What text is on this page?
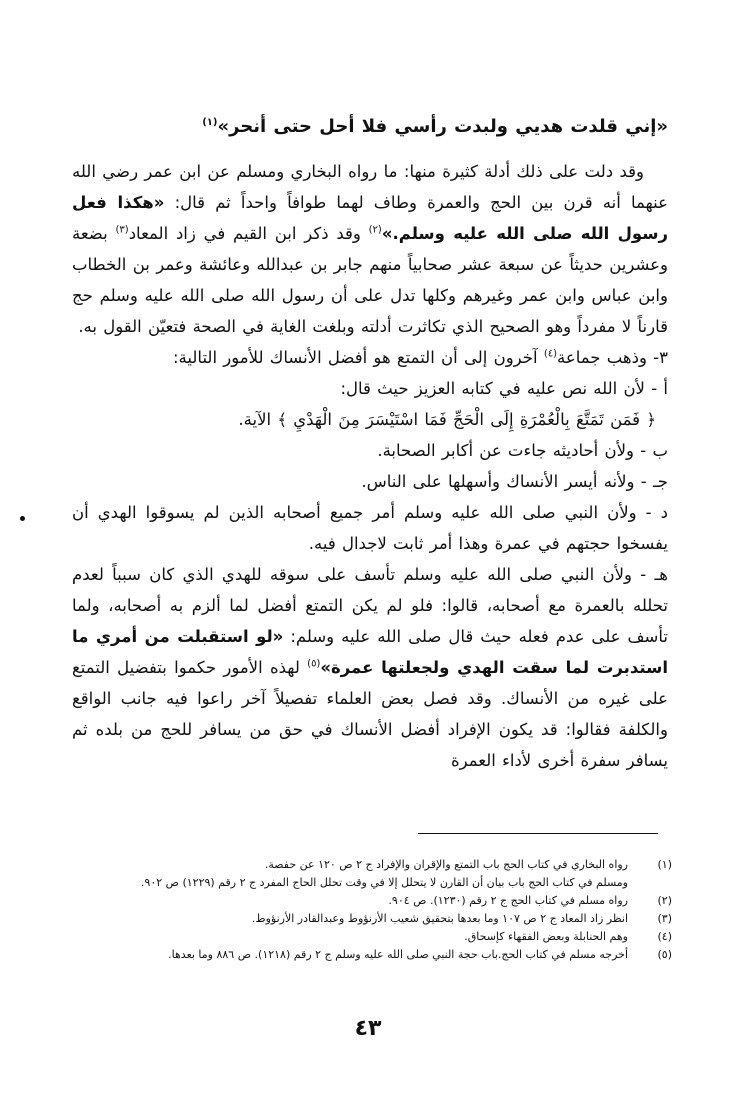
«إني قلدت هديي ولبدت رأسي فلا أحل حتى أنحر»$^{(١)}$

وقد دلت على ذلك أدلة كثيرة منها: ما رواه البخاري ومسلم عن ابن عمر رضي الله عنهما أنه قرن بين الحج والعمرة وطاف لهما طوافاً واحداً ثم قال: «هكذا فعل رسول الله صلى الله عليه وسلم.»$^{(٢)}$ وقد ذكر ابن القيم في زاد المعاد$^{(٣)}$ بضعة وعشرين حديثاً عن سبعة عشر صحابياً منهم جابر بن عبدالله وعائشة وعمر بن الخطاب وابن عباس وابن عمر وغيرهم وكلها تدل على أن رسول الله صلى الله عليه وسلم حج قارناً لا مفرداً وهو الصحيح الذي تكاثرت أدلته وبلغت الغاية في الصحة فتعيّن القول به.

٣- وذهب جماعة$^{(٤)}$ آخرون إلى أن التمتع هو أفضل الأنساك للأمور التالية:

أ - لأن الله نص عليه في كتابه العزيز حيث قال:

﴿ فَمَن تَمَتَّعَ بِالْعُمْرَةِ إِلَى الْحَجِّ فَمَا اسْتَيْسَرَ مِنَ الْهَدْيِ ﴾ الآية.

ب - ولأن أحاديثه جاءت عن أكابر الصحابة.

جـ - ولأنه أيسر الأنساك وأسهلها على الناس.

د - ولأن النبي صلى الله عليه وسلم أمر جميع أصحابه الذين لم يسوقوا الهدي أن يفسخوا حجتهم في عمرة وهذا أمر ثابت لاجدال فيه.

هـ - ولأن النبي صلى الله عليه وسلم تأسف على سوقه للهدي الذي كان سبباً لعدم تحلله بالعمرة مع أصحابه، قالوا: فلو لم يكن التمتع أفضل لما ألزم به أصحابه، ولما تأسف على عدم فعله حيث قال صلى الله عليه وسلم: «لو استقبلت من أمري ما استدبرت لما سقت الهدي ولجعلتها عمرة»$^{(٥)}$ لهذه الأمور حكموا بتفضيل التمتع على غيره من الأنساك. وقد فصل بعض العلماء تفصيلاً آخر راعوا فيه جانب الواقع والكلفة فقالوا: قد يكون الإفراد أفضل الأنساك في حق من يسافر للحج من بلده ثم يسافر سفرة أخرى لأداء العمرة

(١)
رواه البخاري في كتاب الحج باب التمتع والإقران والإفراد ج ٢ ص ١٢٠ عن حفصة.
ومسلم في كتاب الحج باب بيان أن القارن لا يتحلل إلا في وقت تحلل الحاج المفرد ج ٢ رقم (١٢٢٩) ص ٩٠٢.
(٢)
رواه مسلم في كتاب الحج ج ٢ رقم (١٢٣٠). ص ٩٠٤.
(٣)
انظر زاد المعاد ج ٢ ص ١٠٧ وما بعدها بتحقيق شعيب الأرنؤوط وعبدالقادر الأرنؤوط.
(٤)
وهم الحنابلة وبعض الفقهاء كإسحاق.
(٥)
أخرجه مسلم في كتاب الحج.باب حجة النبي صلى الله عليه وسلم ج ٢ رقم (١٢١٨). ص ٨٨٦ وما بعدها.
٤٣
